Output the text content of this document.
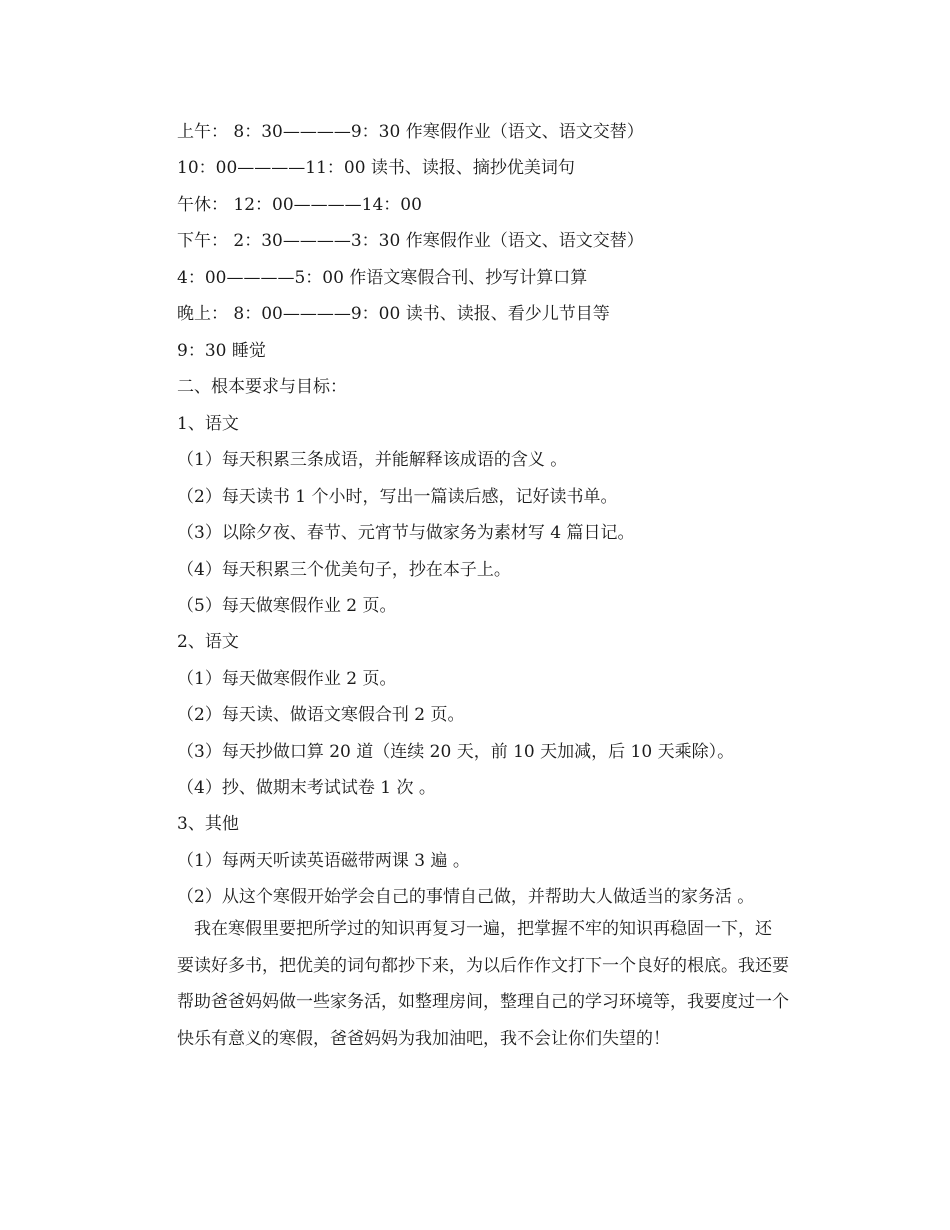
上午： 8：30————9：30 作寒假作业（语文、语文交替）
10：00————11：00 读书、读报、摘抄优美词句
午休： 12：00————14：00
下午： 2：30————3：30 作寒假作业（语文、语文交替）
4：00————5：00 作语文寒假合刊、抄写计算口算
晚上： 8：00————9：00 读书、读报、看少儿节目等
9：30 睡觉
二、根本要求与目标：
1、语文
（1）每天积累三条成语，并能解释该成语的含义 。
（2）每天读书 1 个小时，写出一篇读后感，记好读书单。
（3）以除夕夜、春节、元宵节与做家务为素材写 4 篇日记。
（4）每天积累三个优美句子，抄在本子上。
（5）每天做寒假作业 2 页。
2、语文
（1）每天做寒假作业 2 页。
（2）每天读、做语文寒假合刊 2 页。
（3）每天抄做口算 20 道（连续 20 天，前 10 天加减，后 10 天乘除）。
（4）抄、做期末考试试卷 1 次 。
3、其他
（1）每两天听读英语磁带两课 3 遍 。
（2）从这个寒假开始学会自己的事情自己做，并帮助大人做适当的家务活 。
　我在寒假里要把所学过的知识再复习一遍，把掌握不牢的知识再稳固一下，还
要读好多书，把优美的词句都抄下来，为以后作作文打下一个良好的根底。我还要
帮助爸爸妈妈做一些家务活，如整理房间，整理自己的学习环境等，我要度过一个
快乐有意义的寒假，爸爸妈妈为我加油吧，我不会让你们失望的！
